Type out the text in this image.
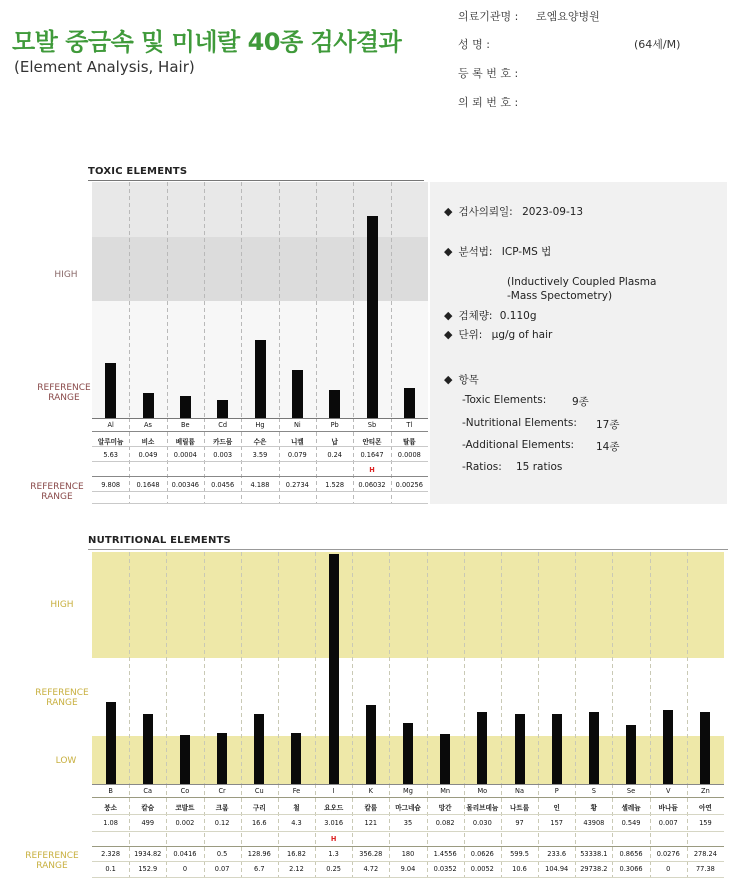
모발 중금속 및 미네랄 40종 검사결과
(Element Analysis, Hair)
의료기관명 : 로엠요양병원
성 명 :	(64세/M)
등 록 번 호 :
의 뢰 번 호 :
TOXIC ELEMENTS
HIGH
REFERENCE
RANGE
Al
알루미늄
5.63
9.808
As
비소
0.049
0.1648
Be
베릴륨
0.0004
0.00346
Cd
카드뮴
0.003
0.0456
Hg
수은
3.59
4.188
Ni
니켈
0.079
0.2734
Pb
납
0.24
1.528
Sb
안티몬
0.1647
H
0.06032
Tl
탈륨
0.0008
0.00256
REFERENCE
RANGE
◆ 검사의뢰일: 2023-09-13
◆ 분석법: ICP-MS 법
(Inductively Coupled Plasma
-Mass Spectometry)
◆ 검체량: 0.110g
◆ 단위: μg/g of hair
◆ 항목
-Toxic Elements: 9종
-Nutritional Elements: 17종
-Additional Elements: 14종
-Ratios: 15 ratios
NUTRITIONAL ELEMENTS
HIGH
REFERENCE
RANGE
LOW
B
붕소
1.08
2.328
0.1
Ca
칼슘
499
1934.82
152.9
Co
코발트
0.002
0.0416
0
Cr
크롬
0.12
0.5
0.07
Cu
구리
16.6
128.96
6.7
Fe
철
4.3
16.82
2.12
I
요오드
3.016
H
1.3
0.25
K
칼륨
121
356.28
4.72
Mg
마그네슘
35
180
9.04
Mn
망간
0.082
1.4556
0.0352
Mo
몰리브데늄
0.030
0.0626
0.0052
Na
나트륨
97
599.5
10.6
P
인
157
233.6
104.94
S
황
43908
53338.1
29738.2
Se
셀레늄
0.549
0.8656
0.3066
V
바나듐
0.007
0.0276
0
Zn
아연
159
278.24
77.38
REFERENCE
RANGE
